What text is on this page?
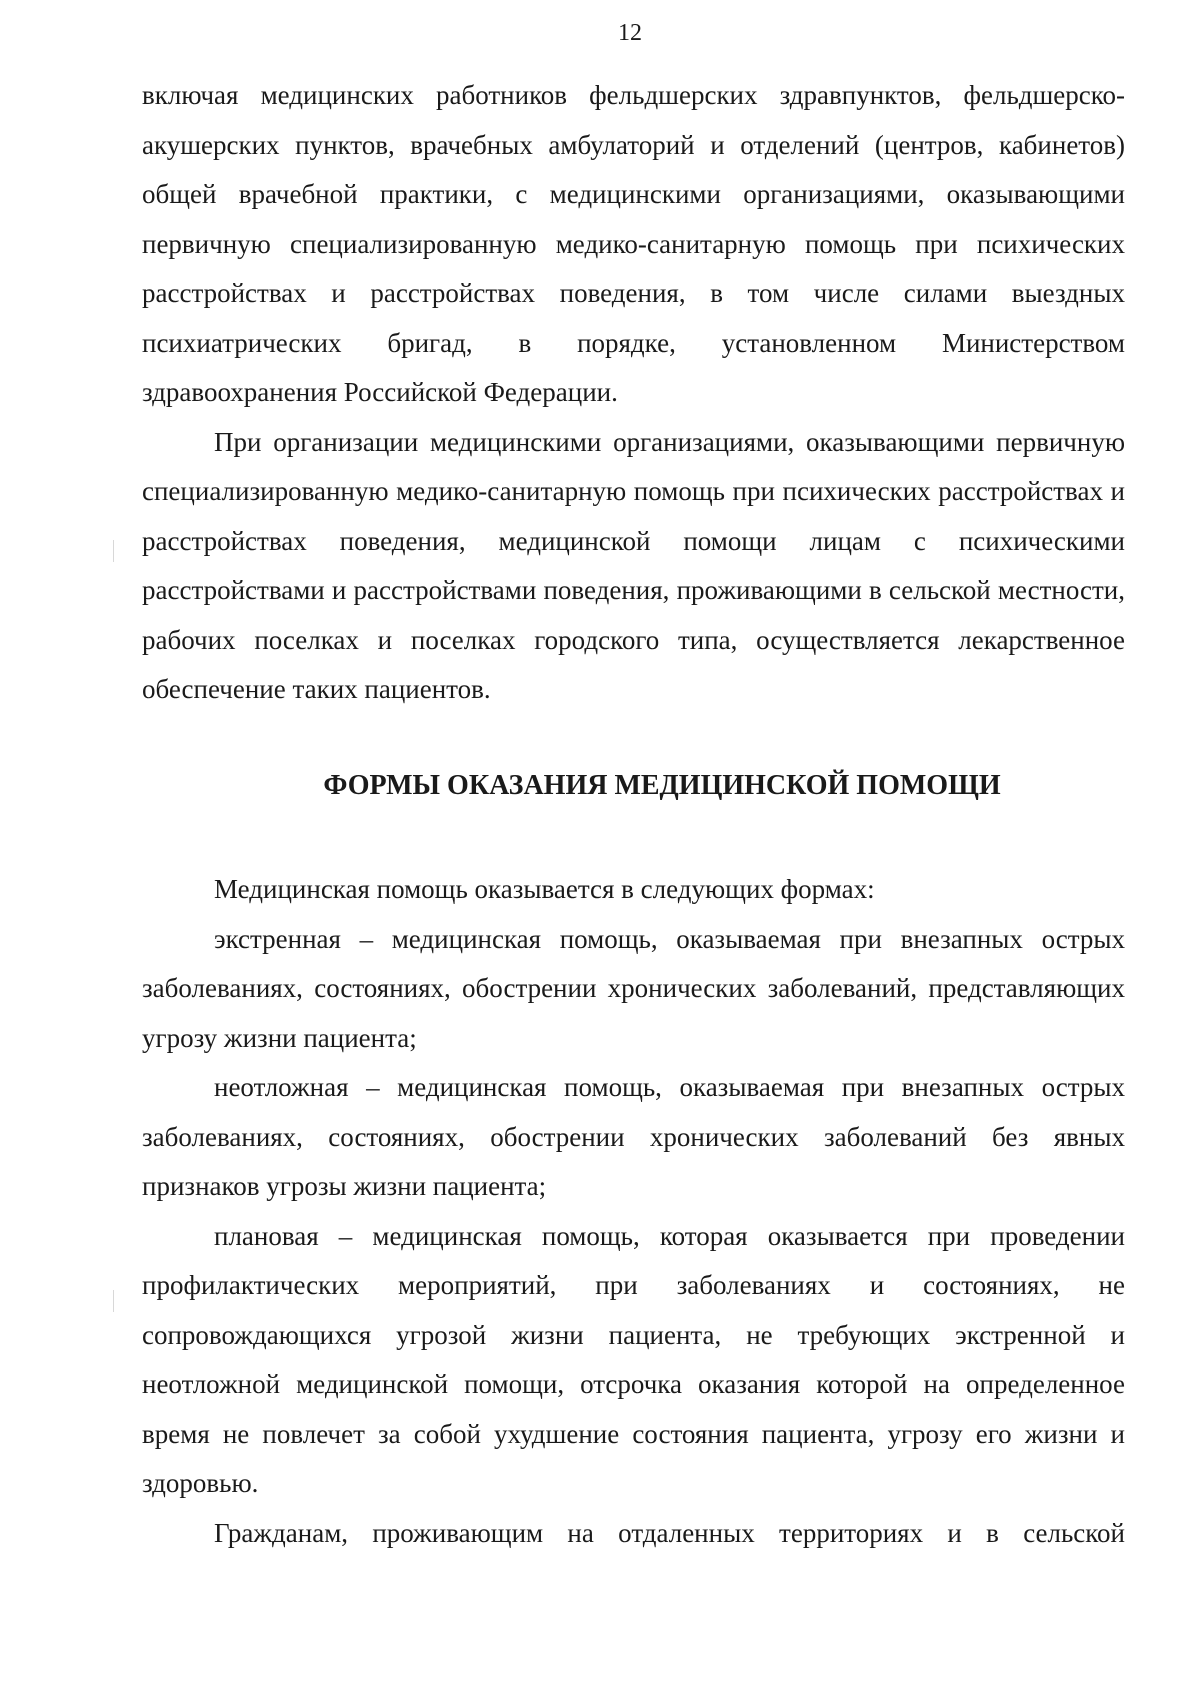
12

включая медицинских работников фельдшерских здравпунктов, фельдшерско-акушерских пунктов, врачебных амбулаторий и отделений (центров, кабинетов) общей врачебной практики, с медицинскими организациями, оказывающими первичную специализированную медико-санитарную помощь при психических расстройствах и расстройствах поведения, в том числе силами выездных психиатрических бригад, в порядке, установленном Министерством здравоохранения Российской Федерации.

При организации медицинскими организациями, оказывающими первичную специализированную медико-санитарную помощь при психических расстройствах и расстройствах поведения, медицинской помощи лицам с психическими расстройствами и расстройствами поведения, проживающими в сельской местности, рабочих поселках и поселках городского типа, осуществляется лекарственное обеспечение таких пациентов.

ФОРМЫ ОКАЗАНИЯ МЕДИЦИНСКОЙ ПОМОЩИ

Медицинская помощь оказывается в следующих формах:

экстренная – медицинская помощь, оказываемая при внезапных острых заболеваниях, состояниях, обострении хронических заболеваний, представляющих угрозу жизни пациента;

неотложная – медицинская помощь, оказываемая при внезапных острых заболеваниях, состояниях, обострении хронических заболеваний без явных признаков угрозы жизни пациента;

плановая – медицинская помощь, которая оказывается при проведении профилактических мероприятий, при заболеваниях и состояниях, не сопровождающихся угрозой жизни пациента, не требующих экстренной и неотложной медицинской помощи, отсрочка оказания которой на определенное время не повлечет за собой ухудшение состояния пациента, угрозу его жизни и здоровью.

Гражданам, проживающим на отдаленных территориях и в сельской
